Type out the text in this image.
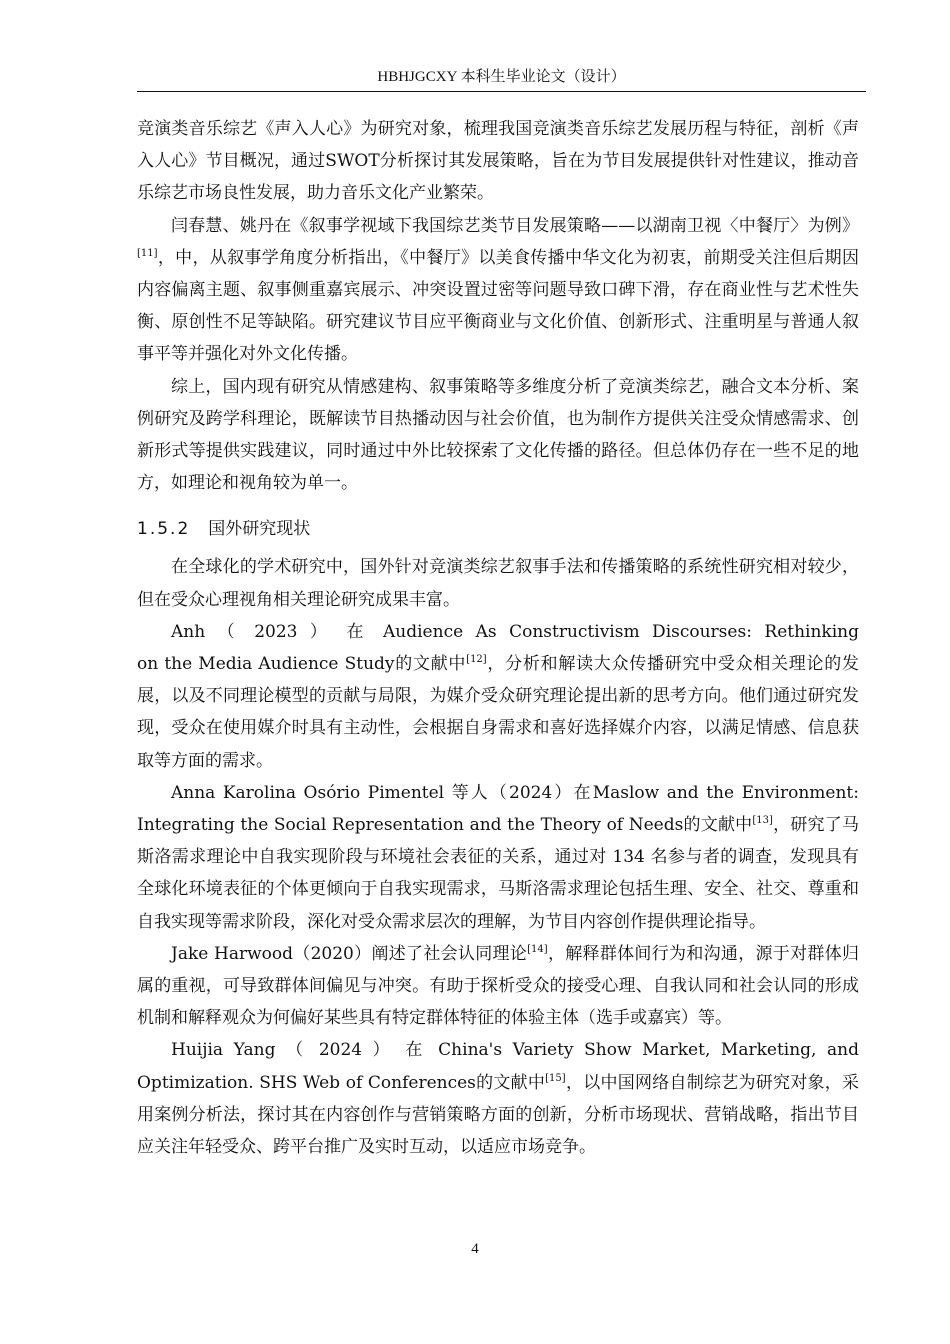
HBHJGCXY 本科生毕业论文（设计）

竞演类音乐综艺《声入人心》为研究对象，梳理我国竞演类音乐综艺发展历程与特征，剖析《声入人心》节目概况，通过SWOT分析探讨其发展策略，旨在为节目发展提供针对性建议，推动音乐综艺市场良性发展，助力音乐文化产业繁荣。

闫春慧、姚丹在《叙事学视域下我国综艺类节目发展策略——以湖南卫视〈中餐厅〉为例》[11]，中，从叙事学角度分析指出，《中餐厅》以美食传播中华文化为初衷，前期受关注但后期因内容偏离主题、叙事侧重嘉宾展示、冲突设置过密等问题导致口碑下滑，存在商业性与艺术性失衡、原创性不足等缺陷。研究建议节目应平衡商业与文化价值、创新形式、注重明星与普通人叙事平等并强化对外文化传播。

综上，国内现有研究从情感建构、叙事策略等多维度分析了竞演类综艺，融合文本分析、案例研究及跨学科理论，既解读节目热播动因与社会价值，也为制作方提供关注受众情感需求、创新形式等提供实践建议，同时通过中外比较探索了文化传播的路径。但总体仍存在一些不足的地方，如理论和视角较为单一。

1.5.2 国外研究现状

在全球化的学术研究中，国外针对竞演类综艺叙事手法和传播策略的系统性研究相对较少，但在受众心理视角相关理论研究成果丰富。

Anh （ 2023 ） 在 Audience As Constructivism Discourses: Rethinking

on the Media Audience Study的文献中[12]，分析和解读大众传播研究中受众相关理论的发展，以及不同理论模型的贡献与局限，为媒介受众研究理论提出新的思考方向。他们通过研究发现，受众在使用媒介时具有主动性，会根据自身需求和喜好选择媒介内容，以满足情感、信息获取等方面的需求。

Anna Karolina Osório Pimentel 等人（2024）在Maslow and the Environment: Integrating the Social Representation and the Theory of Needs的文献中[13]，研究了马斯洛需求理论中自我实现阶段与环境社会表征的关系，通过对 134 名参与者的调查，发现具有全球化环境表征的个体更倾向于自我实现需求，马斯洛需求理论包括生理、安全、社交、尊重和自我实现等需求阶段，深化对受众需求层次的理解，为节目内容创作提供理论指导。

Jake Harwood（2020）阐述了社会认同理论[14]，解释群体间行为和沟通，源于对群体归属的重视，可导致群体间偏见与冲突。有助于探析受众的接受心理、自我认同和社会认同的形成机制和解释观众为何偏好某些具有特定群体特征的体验主体（选手或嘉宾）等。

Huijia Yang （ 2024 ） 在 China's Variety Show Market, Marketing, and

Optimization. SHS Web of Conferences的文献中[15]，以中国网络自制综艺为研究对象，采用案例分析法，探讨其在内容创作与营销策略方面的创新，分析市场现状、营销战略，指出节目应关注年轻受众、跨平台推广及实时互动，以适应市场竞争。

4
